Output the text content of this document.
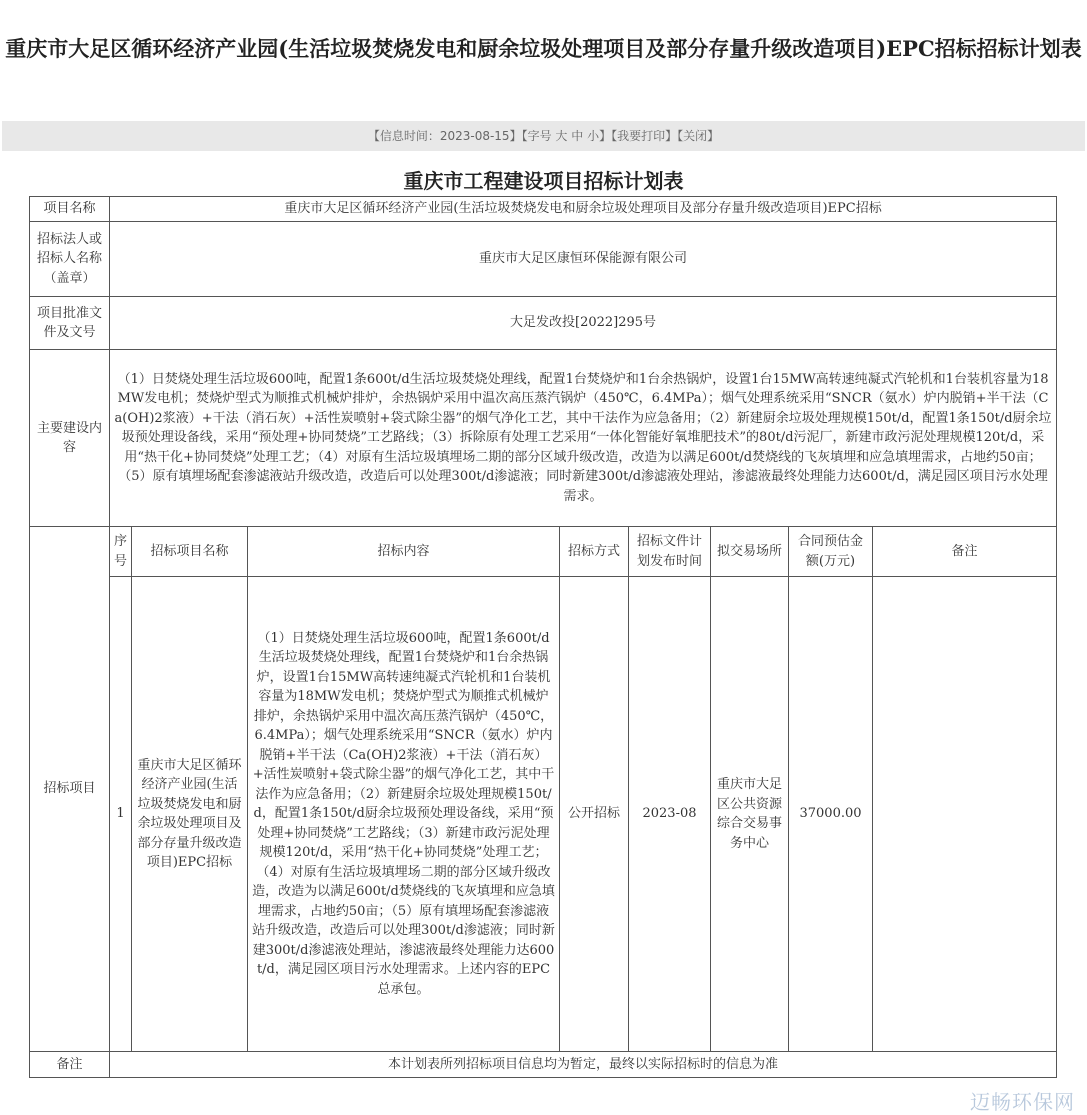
重庆市大足区循环经济产业园(生活垃圾焚烧发电和厨余垃圾处理项目及部分存量升级改造项目)EPC招标招标计划表
【信息时间：2023-08-15】【字号 大 中 小】【我要打印】【关闭】
重庆市工程建设项目招标计划表
项目名称	重庆市大足区循环经济产业园(生活垃圾焚烧发电和厨余垃圾处理项目及部分存量升级改造项目)EPC招标							
招标法人或招标人名称（盖章）	重庆市大足区康恒环保能源有限公司							
项目批准文件及文号	大足发改投[2022]295号							
主要建设内容	（1）日焚烧处理生活垃圾600吨，配置1条600t/d生活垃圾焚烧处理线，配置1台焚烧炉和1台余热锅炉，设置1台15MW高转速纯凝式汽轮机和1台装机容量为18MW发电机；焚烧炉型式为顺推式机械炉排炉，余热锅炉采用中温次高压蒸汽锅炉（450℃，6.4MPa）；烟气处理系统采用“SNCR（氨水）炉内脱销+半干法（Ca(OH)2浆液）+干法（消石灰）+活性炭喷射+袋式除尘器”的烟气净化工艺，其中干法作为应急备用；（2）新建厨余垃圾处理规模150t/d，配置1条150t/d厨余垃圾预处理设备线，采用“预处理+协同焚烧”工艺路线；（3）拆除原有处理工艺采用“一体化智能好氧堆肥技术”的80t/d污泥厂，新建市政污泥处理规模120t/d，采用“热干化+协同焚烧”处理工艺；（4）对原有生活垃圾填埋场二期的部分区域升级改造，改造为以满足600t/d焚烧线的飞灰填埋和应急填埋需求，占地约50亩；（5）原有填埋场配套渗滤液站升级改造，改造后可以处理300t/d渗滤液；同时新建300t/d渗滤液处理站，渗滤液最终处理能力达600t/d，满足园区项目污水处理需求。							
招标项目	序号	招标项目名称	招标内容	招标方式	招标文件计划发布时间	拟交易场所	合同预估金额(万元)	备注
	1	重庆市大足区循环经济产业园(生活垃圾焚烧发电和厨余垃圾处理项目及部分存量升级改造项目)EPC招标	（1）日焚烧处理生活垃圾600吨，配置1条600t/d生活垃圾焚烧处理线，配置1台焚烧炉和1台余热锅炉，设置1台15MW高转速纯凝式汽轮机和1台装机容量为18MW发电机；焚烧炉型式为顺推式机械炉排炉，余热锅炉采用中温次高压蒸汽锅炉（450℃，6.4MPa）；烟气处理系统采用“SNCR（氨水）炉内脱销+半干法（Ca(OH)2浆液）+干法（消石灰）+活性炭喷射+袋式除尘器”的烟气净化工艺，其中干法作为应急备用；（2）新建厨余垃圾处理规模150t/d，配置1条150t/d厨余垃圾预处理设备线，采用“预处理+协同焚烧”工艺路线；（3）新建市政污泥处理规模120t/d，采用“热干化+协同焚烧”处理工艺；（4）对原有生活垃圾填埋场二期的部分区域升级改造，改造为以满足600t/d焚烧线的飞灰填埋和应急填埋需求，占地约50亩；（5）原有填埋场配套渗滤液站升级改造，改造后可以处理300t/d渗滤液；同时新建300t/d渗滤液处理站，渗滤液最终处理能力达600t/d，满足园区项目污水处理需求。上述内容的EPC总承包。	公开招标	2023-08	重庆市大足区公共资源综合交易事务中心	37000.00	
备注	本计划表所列招标项目信息均为暂定，最终以实际招标时的信息为准							
迈畅环保网
